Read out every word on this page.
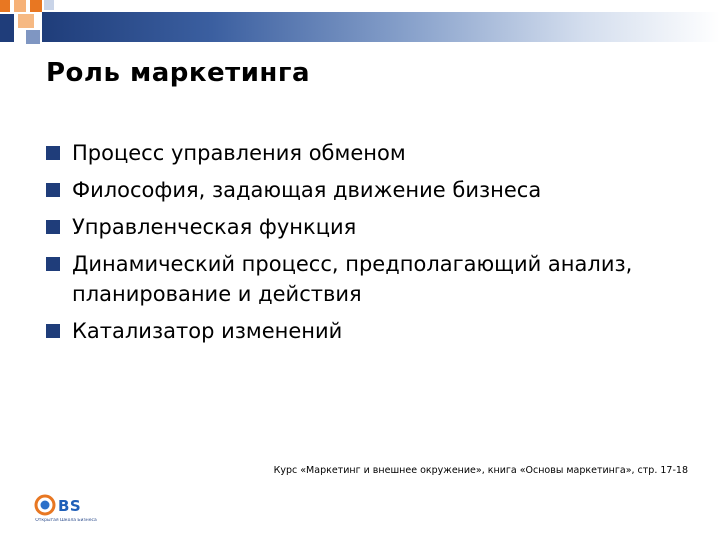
Роль маркетинга
Процесс управления обменом
Философия, задающая движение бизнеса
Управленческая функция
Динамический процесс, предполагающий анализ, планирование и действия
Катализатор изменений
Курс «Маркетинг и внешнее окружение», книга «Основы маркетинга», стр. 17-18
BS
Открытая Школа Бизнеса
